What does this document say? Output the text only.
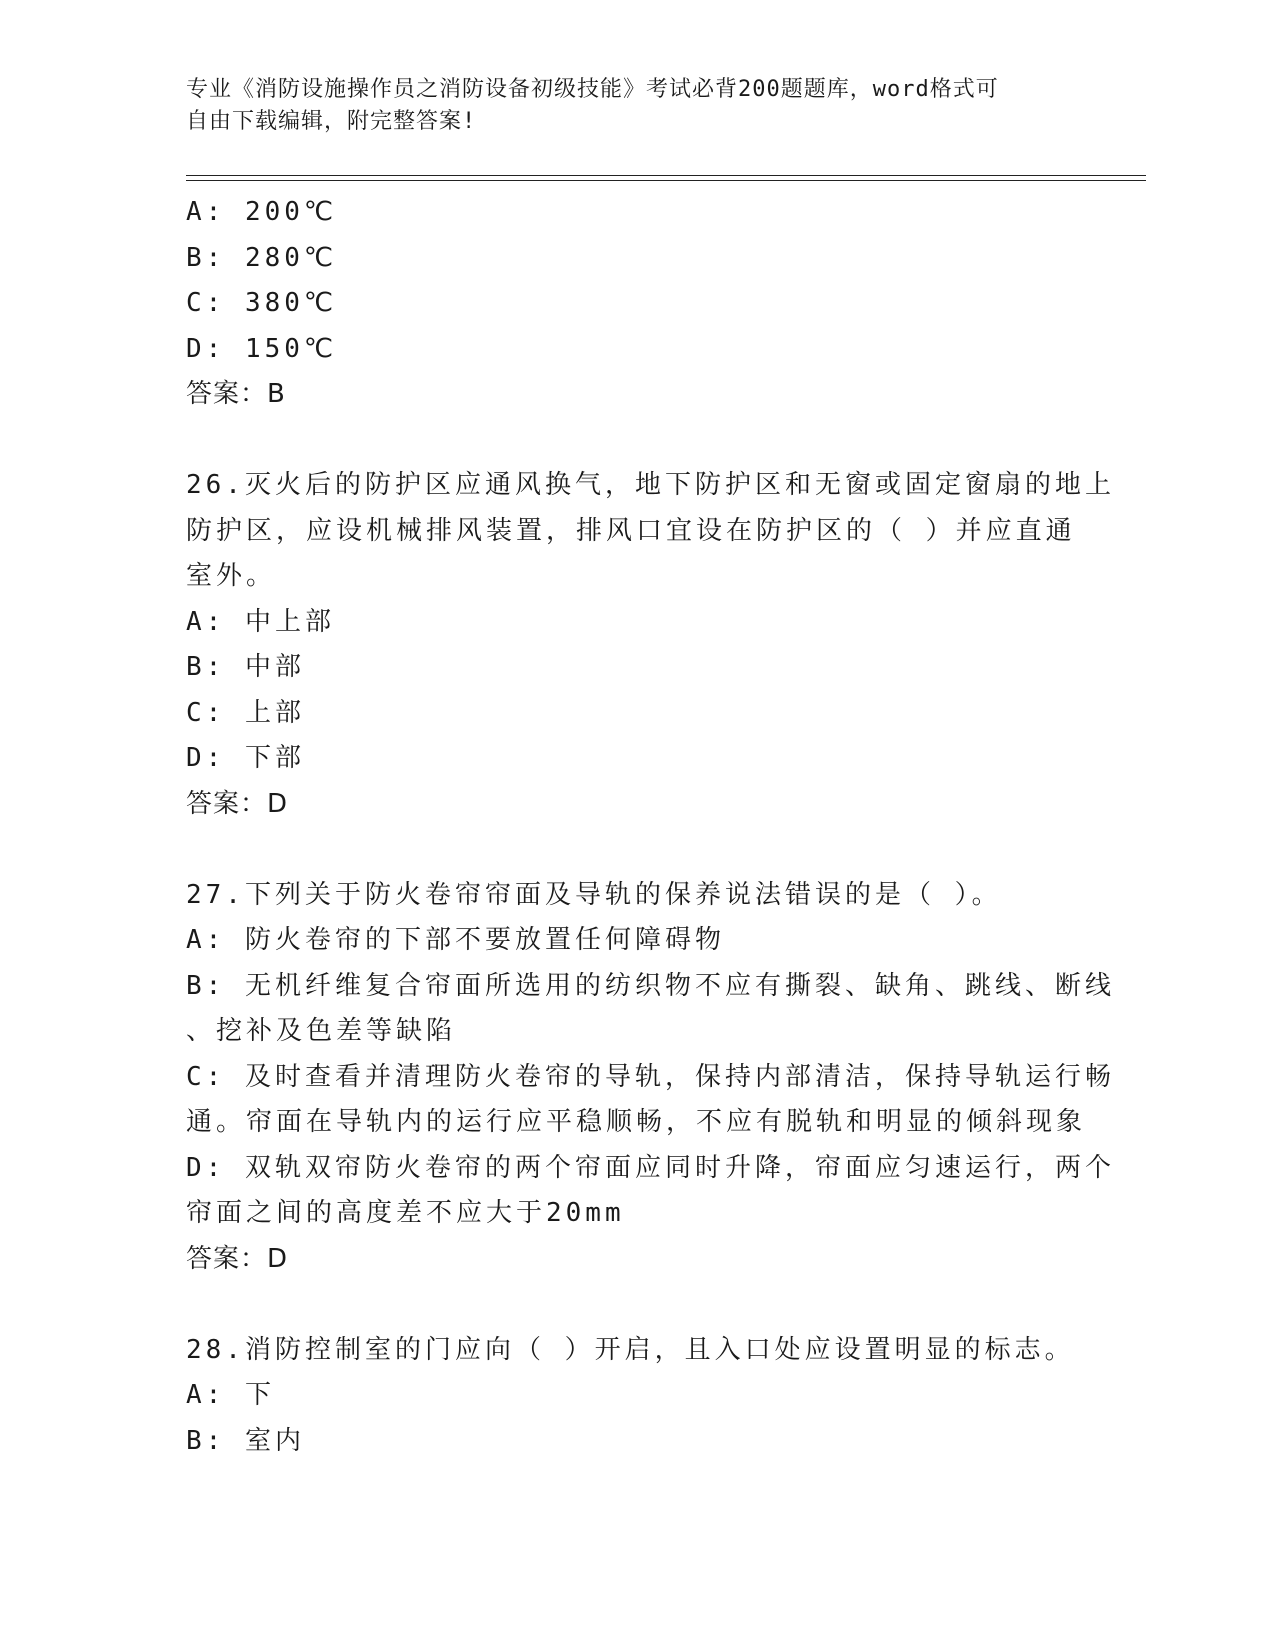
专业《消防设施操作员之消防设备初级技能》考试必背200题题库，word格式可
自由下载编辑，附完整答案!
A: 200℃
B: 280℃
C: 380℃
D: 150℃
答案：B
26.灭火后的防护区应通风换气，地下防护区和无窗或固定窗扇的地上
防护区，应设机械排风装置，排风口宜设在防护区的（ ）并应直通
室外。
A: 中上部
B: 中部
C: 上部
D: 下部
答案：D
27.下列关于防火卷帘帘面及导轨的保养说法错误的是（ ）。
A: 防火卷帘的下部不要放置任何障碍物
B: 无机纤维复合帘面所选用的纺织物不应有撕裂、缺角、跳线、断线
、挖补及色差等缺陷
C: 及时查看并清理防火卷帘的导轨，保持内部清洁，保持导轨运行畅
通。帘面在导轨内的运行应平稳顺畅，不应有脱轨和明显的倾斜现象
D: 双轨双帘防火卷帘的两个帘面应同时升降，帘面应匀速运行，两个
帘面之间的高度差不应大于20mm
答案：D
28.消防控制室的门应向（ ）开启，且入口处应设置明显的标志。
A: 下
B: 室内
